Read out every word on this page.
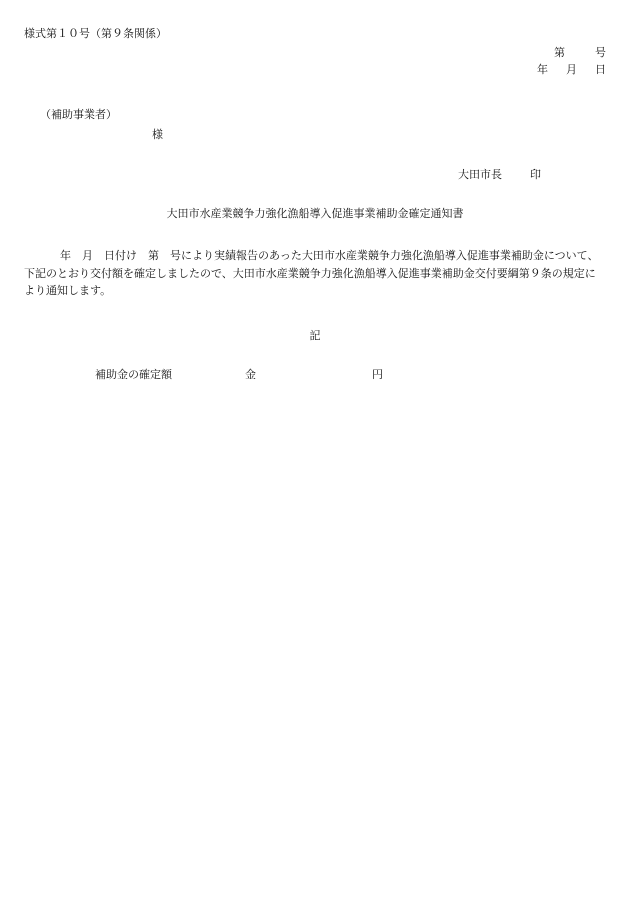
様式第１０号（第９条関係）
第	号
年 月 日
（補助事業者）
様
大田市長	印
大田市水産業競争力強化漁船導入促進事業補助金確定通知書
年　月　日付け　第　号により実績報告のあった大田市水産業競争力強化漁船導入促進事業補助金について、下記のとおり交付額を確定しましたので、大田市水産業競争力強化漁船導入促進事業補助金交付要綱第９条の規定により通知します。
記
補助金の確定額	金	円
